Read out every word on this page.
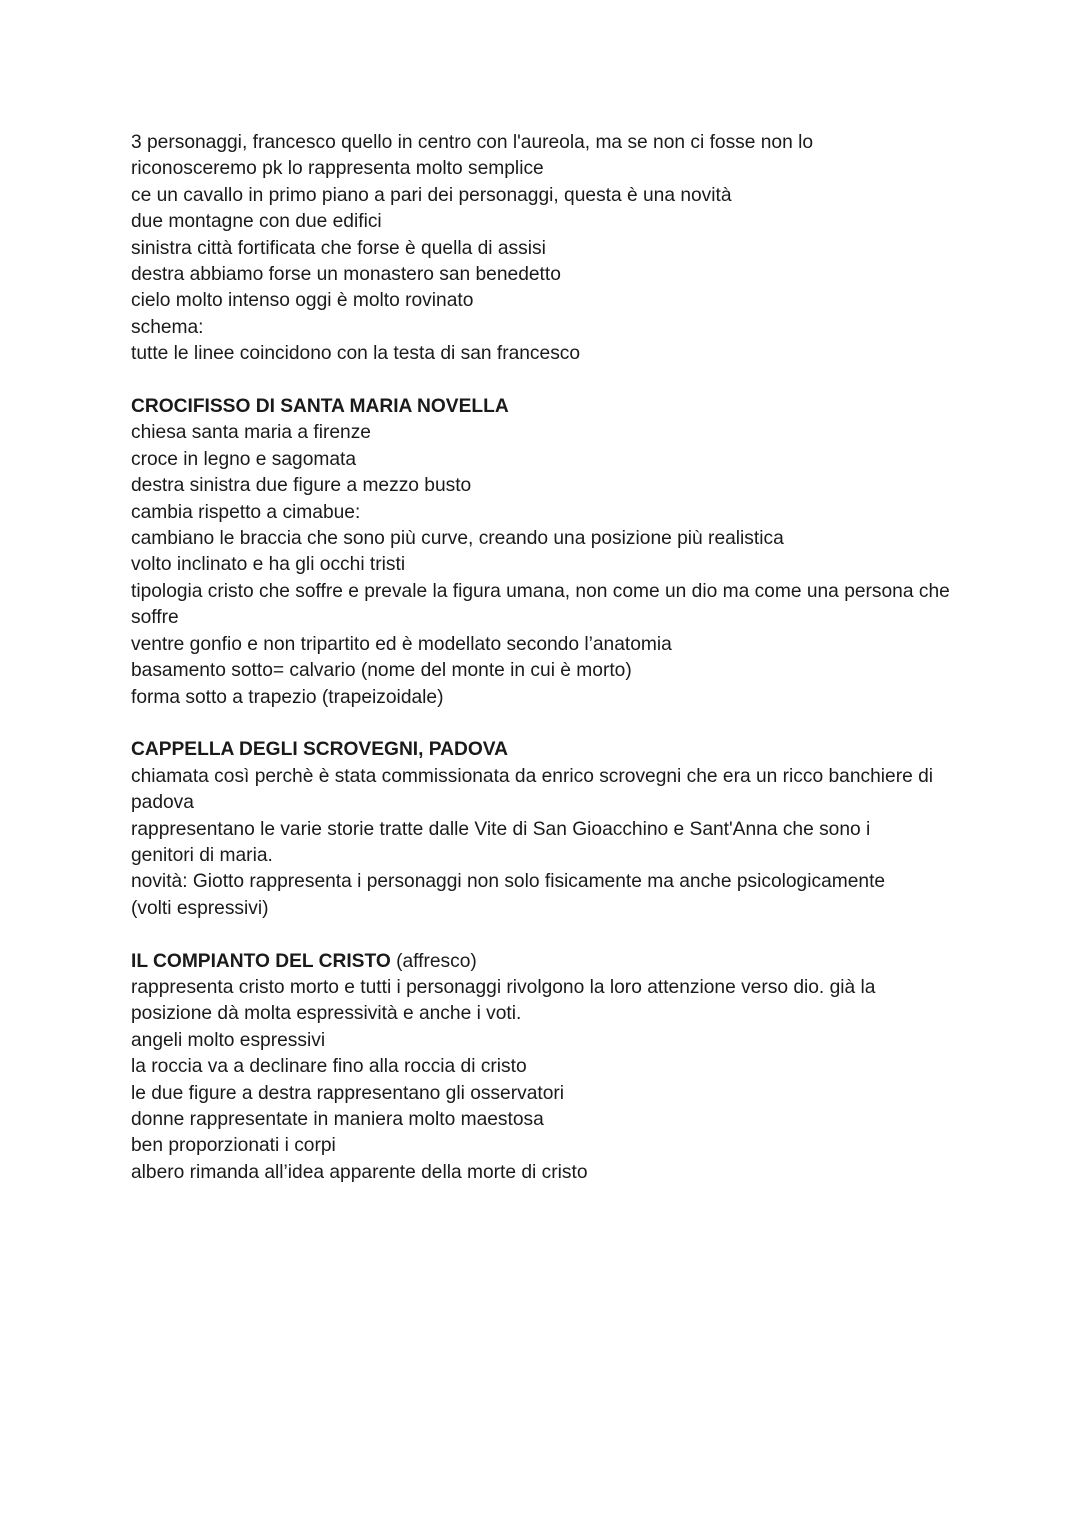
3 personaggi, francesco quello in centro con l'aureola, ma se non ci fosse non lo riconosceremo pk lo rappresenta molto semplice
ce un cavallo in primo piano a pari dei personaggi, questa è una novità
due montagne con due edifici
sinistra città fortificata che forse è quella di assisi
destra abbiamo forse un monastero san benedetto
cielo molto intenso oggi è molto rovinato
schema:
tutte le linee coincidono con la testa di san francesco
CROCIFISSO DI SANTA MARIA NOVELLA
chiesa santa maria a firenze
croce in legno e sagomata
destra sinistra due figure a mezzo busto
cambia rispetto a cimabue:
cambiano le braccia che sono più curve, creando una posizione più realistica
volto inclinato e ha gli occhi tristi
tipologia cristo che soffre e prevale la figura umana, non come un dio ma come una persona che soffre
ventre gonfio e non tripartito ed è modellato secondo l’anatomia
basamento sotto= calvario (nome del monte in cui è morto)
forma sotto a trapezio (trapeizoidale)
CAPPELLA DEGLI SCROVEGNI, PADOVA
chiamata così perchè è stata commissionata da enrico scrovegni che era un ricco banchiere di padova
rappresentano le varie storie tratte dalle Vite di San Gioacchino e Sant'Anna che sono i genitori di maria.
novità: Giotto rappresenta i personaggi non solo fisicamente ma anche psicologicamente (volti espressivi)
IL COMPIANTO DEL CRISTO (affresco)
rappresenta cristo morto e tutti i personaggi rivolgono la loro attenzione verso dio. già la posizione dà molta espressività e anche i voti.
angeli molto espressivi
la roccia va a declinare fino alla roccia di cristo
le due figure a destra rappresentano gli osservatori
donne rappresentate in maniera molto maestosa
ben proporzionati i corpi
albero rimanda all’idea apparente della morte di cristo
